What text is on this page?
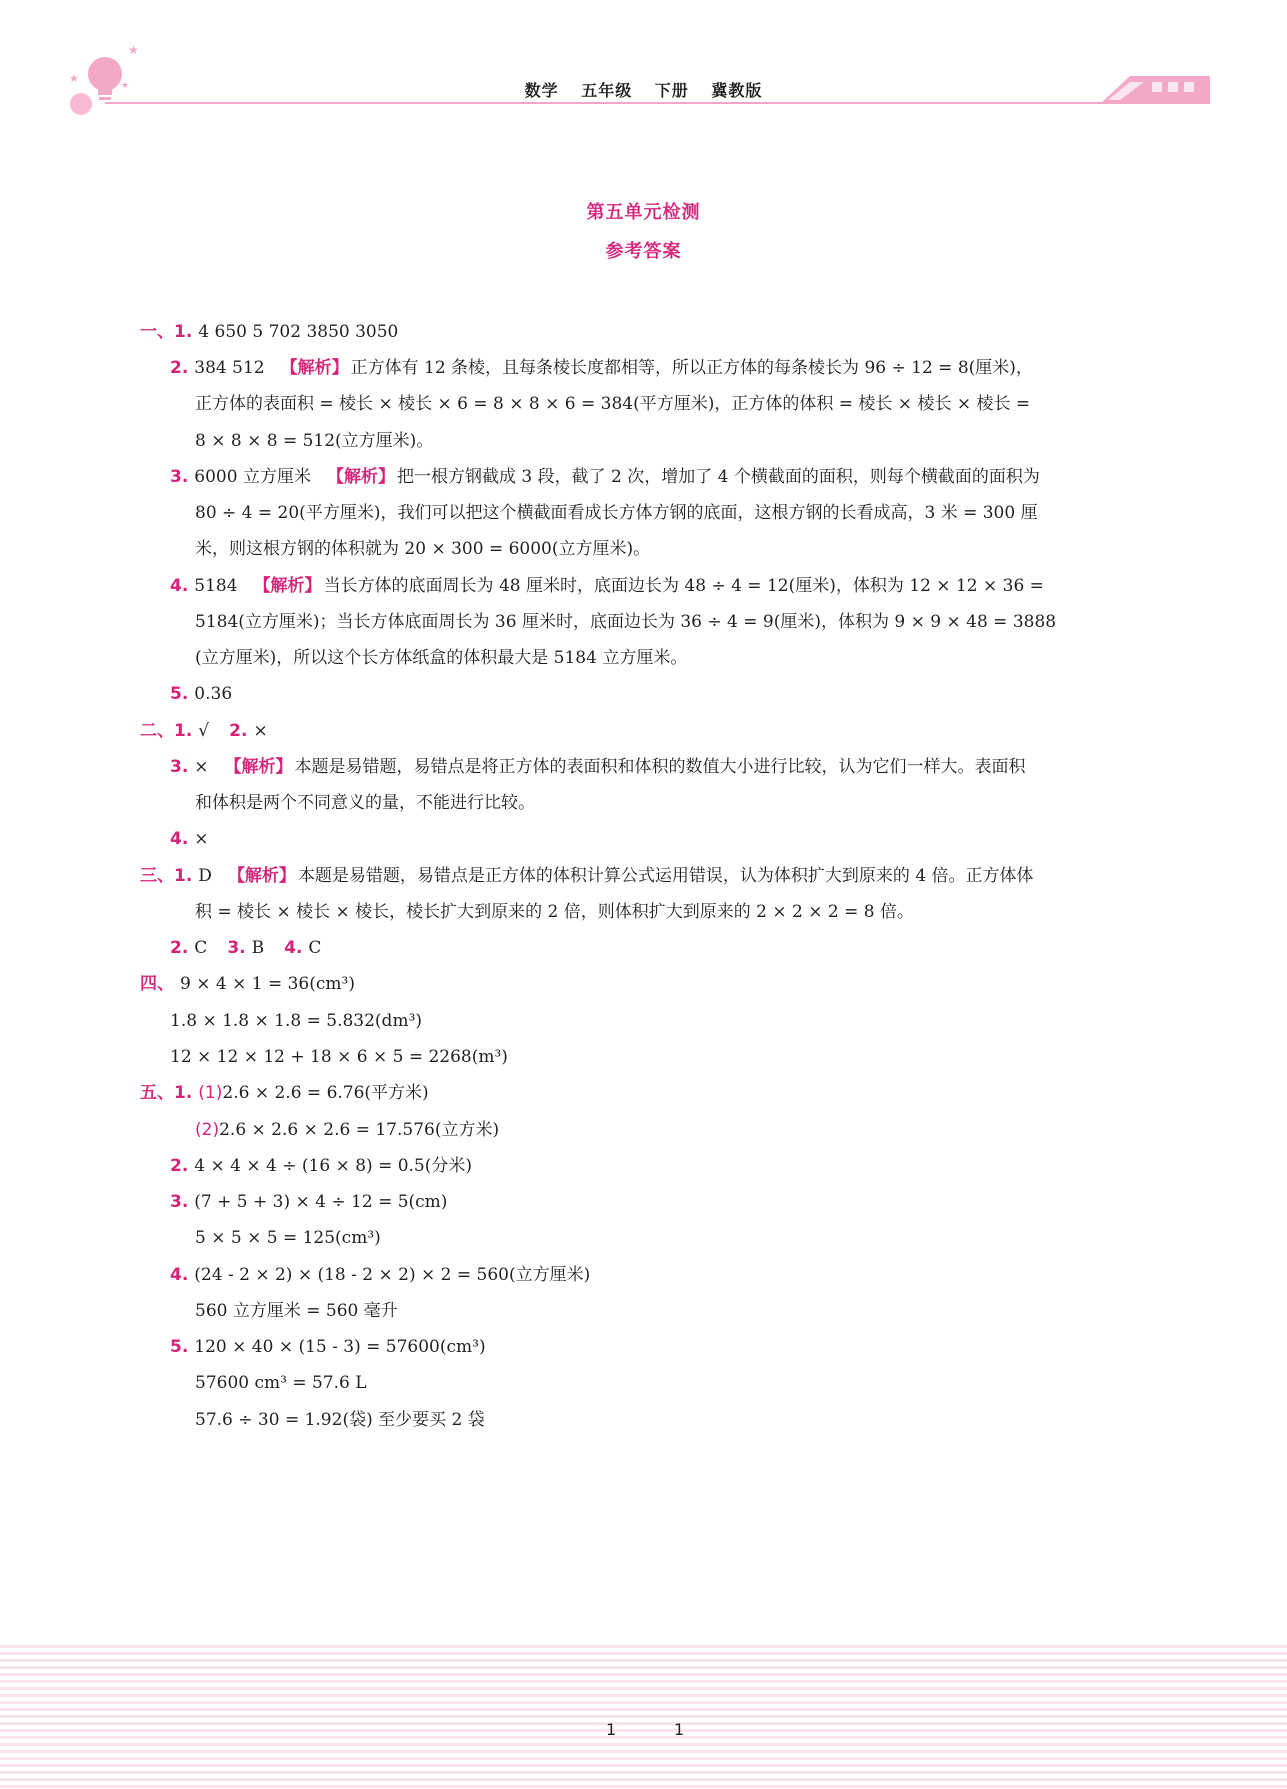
★
★
★	数学 五年级 下册 冀教版
第五单元检测
参考答案
一、1. 4 650 5 702 3850 3050
2. 384 512 【解析】 正方体有 12 条棱，且每条棱长度都相等，所以正方体的每条棱长为 96 ÷ 12 = 8(厘米)，
正方体的表面积 = 棱长 × 棱长 × 6 = 8 × 8 × 6 = 384(平方厘米)，正方体的体积 = 棱长 × 棱长 × 棱长 =
8 × 8 × 8 = 512(立方厘米)。
3. 6000 立方厘米 【解析】 把一根方钢截成 3 段，截了 2 次，增加了 4 个横截面的面积，则每个横截面的面积为
80 ÷ 4 = 20(平方厘米)，我们可以把这个横截面看成长方体方钢的底面，这根方钢的长看成高，3 米 = 300 厘
米，则这根方钢的体积就为 20 × 300 = 6000(立方厘米)。
4. 5184 【解析】 当长方体的底面周长为 48 厘米时，底面边长为 48 ÷ 4 = 12(厘米)，体积为 12 × 12 × 36 =
5184(立方厘米)；当长方体底面周长为 36 厘米时，底面边长为 36 ÷ 4 = 9(厘米)，体积为 9 × 9 × 48 = 3888
(立方厘米)，所以这个长方体纸盒的体积最大是 5184 立方厘米。
5. 0.36
二、1. √ 2. ×
3. × 【解析】 本题是易错题，易错点是将正方体的表面积和体积的数值大小进行比较，认为它们一样大。表面积
和体积是两个不同意义的量，不能进行比较。
4. ×
三、1. D 【解析】 本题是易错题，易错点是正方体的体积计算公式运用错误，认为体积扩大到原来的 4 倍。正方体体
积 = 棱长 × 棱长 × 棱长，棱长扩大到原来的 2 倍，则体积扩大到原来的 2 × 2 × 2 = 8 倍。
2. C 3. B 4. C
四、 9 × 4 × 1 = 36(cm³)
1.8 × 1.8 × 1.8 = 5.832(dm³)
12 × 12 × 12 + 18 × 6 × 5 = 2268(m³)
五、1. (1)2.6 × 2.6 = 6.76(平方米)
(2)2.6 × 2.6 × 2.6 = 17.576(立方米)
2. 4 × 4 × 4 ÷ (16 × 8) = 0.5(分米)
3. (7 + 5 + 3) × 4 ÷ 12 = 5(cm)
5 × 5 × 5 = 125(cm³)
4. (24 - 2 × 2) × (18 - 2 × 2) × 2 = 560(立方厘米)
560 立方厘米 = 560 毫升
5. 120 × 40 × (15 - 3) = 57600(cm³)
57600 cm³ = 57.6 L
57.6 ÷ 30 = 1.92(袋) 至少要买 2 袋
1	1
